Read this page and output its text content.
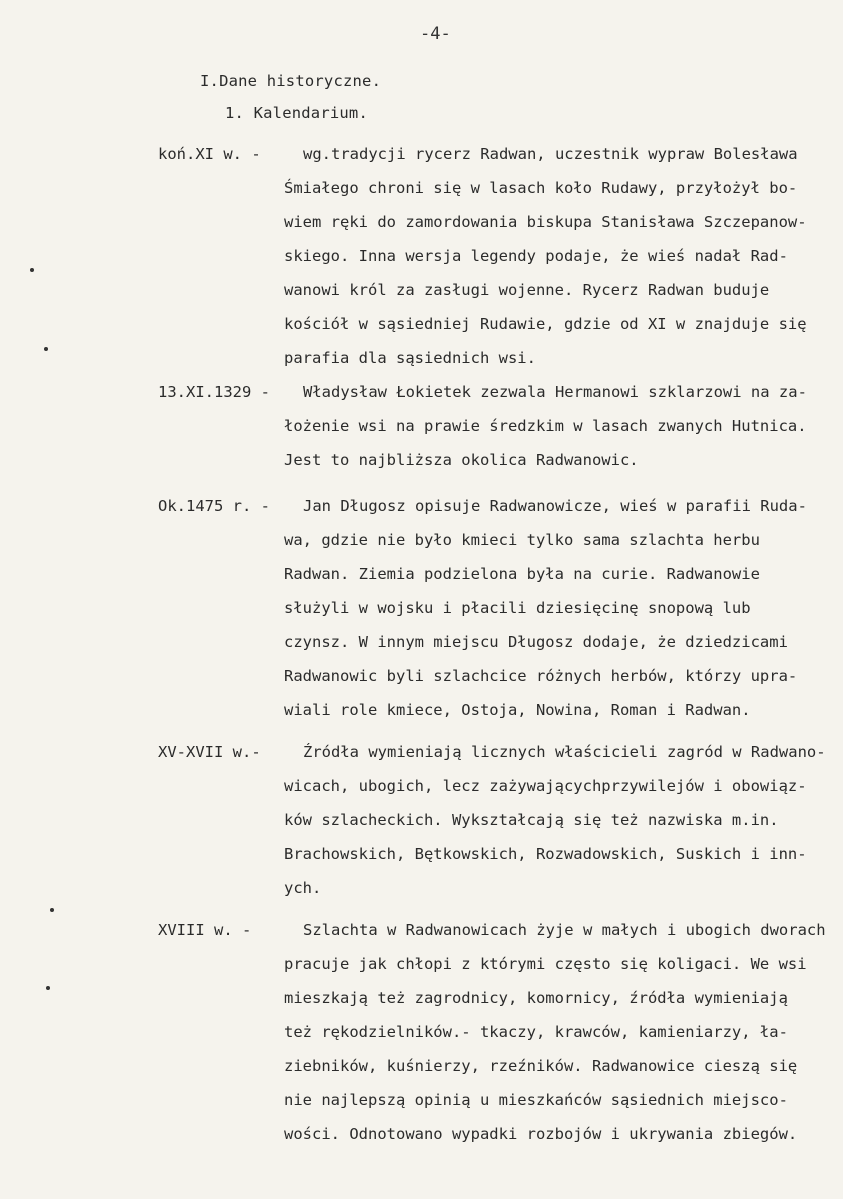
-4-
I.Dane historyczne.
1. Kalendarium.
koń.XI w. -	wg.tradycji rycerz Radwan, uczestnik wypraw Bolesława
Śmiałego chroni się w lasach koło Rudawy, przyłożył bo-
wiem ręki do zamordowania biskupa Stanisława Szczepanow-
skiego. Inna wersja legendy podaje, że wieś nadał Rad-
wanowi król za zasługi wojenne. Rycerz Radwan buduje
kościół w sąsiedniej Rudawie, gdzie od XI w znajduje się
parafia dla sąsiednich wsi.
13.XI.1329 - Władysław Łokietek zezwala Hermanowi szklarzowi na za-
łożenie wsi na prawie średzkim w lasach zwanych Hutnica.
Jest to najbliższa okolica Radwanowic.
Ok.1475 r. - Jan Długosz opisuje Radwanowicze, wieś w parafii Ruda-
wa, gdzie nie było kmieci tylko sama szlachta herbu
Radwan. Ziemia podzielona była na curie. Radwanowie
służyli w wojsku i płacili dziesięcinę snopową lub
czynsz. W innym miejscu Długosz dodaje, że dziedzicami
Radwanowic byli szlachcice różnych herbów, którzy upra-
wiali role kmiece, Ostoja, Nowina, Roman i Radwan.
XV-XVII w.-	Źródła wymieniają licznych właścicieli zagród w Radwano-
wicach, ubogich, lecz zażywającychprzywilejów i obowiąz-
ków szlacheckich. Wykształcają się też nazwiska m.in.
Brachowskich, Bętkowskich, Rozwadowskich, Suskich i inn-
ych.
XVIII w. -	Szlachta w Radwanowicach żyje w małych i ubogich dworach
pracuje jak chłopi z którymi często się koligaci. We wsi
mieszkają też zagrodnicy, komornicy, źródła wymieniają
też rękodzielników.- tkaczy, krawców, kamieniarzy, ła-
ziebników, kuśnierzy, rzeźników. Radwanowice cieszą się
nie najlepszą opinią u mieszkańców sąsiednich miejsco-
wości. Odnotowano wypadki rozbojów i ukrywania zbiegów.
